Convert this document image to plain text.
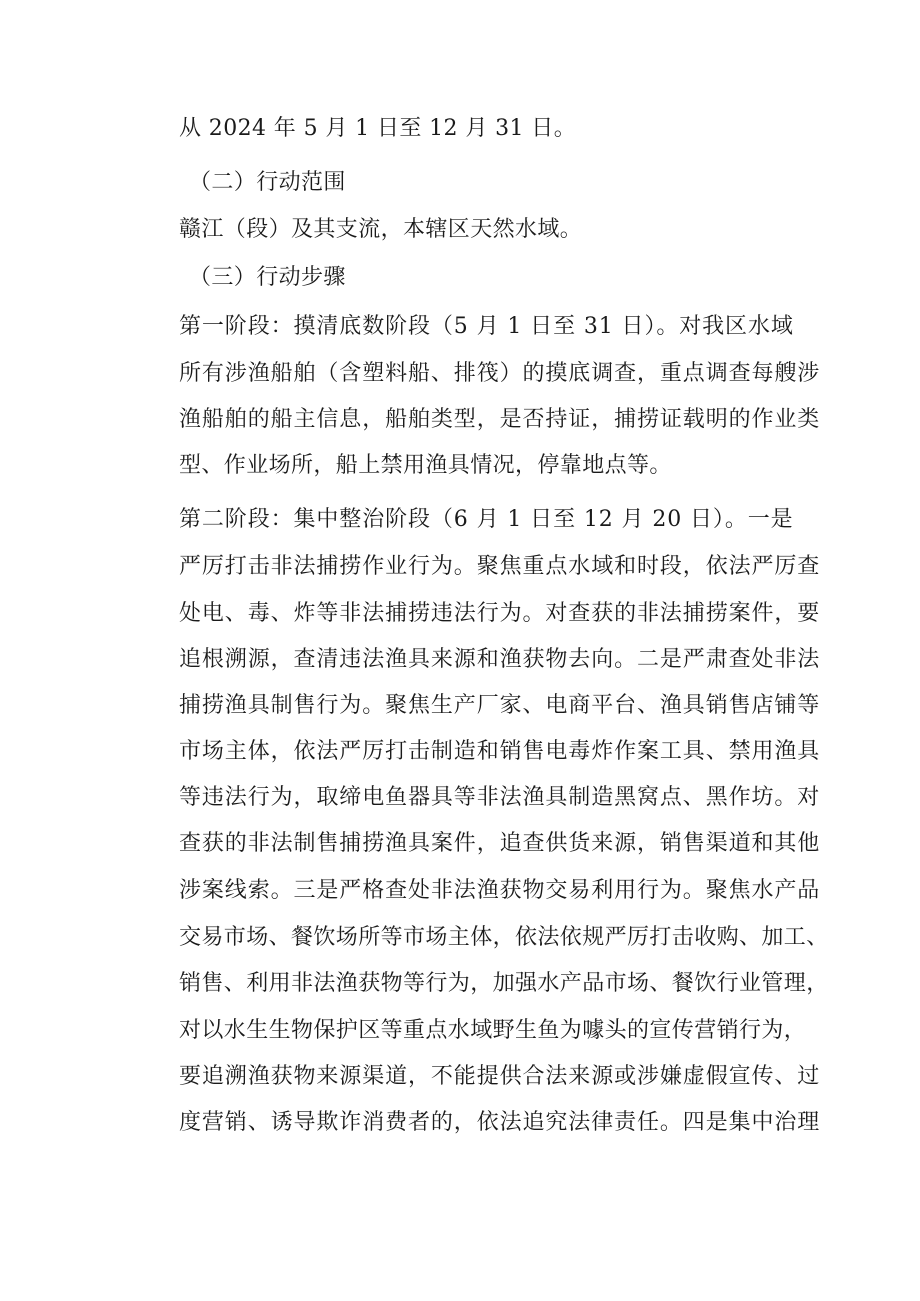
从 2024 年 5 月 1 日至 12 月 31 日。
（二）行动范围
赣江（段）及其支流，本辖区天然水域。
（三）行动步骤
第一阶段：摸清底数阶段（5 月 1 日至 31 日）。对我区水域
所有涉渔船舶（含塑料船、排筏）的摸底调查，重点调查每艘涉
渔船舶的船主信息，船舶类型，是否持证，捕捞证载明的作业类
型、作业场所，船上禁用渔具情况，停靠地点等。
第二阶段：集中整治阶段（6 月 1 日至 12 月 20 日）。一是
严厉打击非法捕捞作业行为。聚焦重点水域和时段，依法严厉查
处电、毒、炸等非法捕捞违法行为。对查获的非法捕捞案件，要
追根溯源，查清违法渔具来源和渔获物去向。二是严肃查处非法
捕捞渔具制售行为。聚焦生产厂家、电商平台、渔具销售店铺等
市场主体，依法严厉打击制造和销售电毒炸作案工具、禁用渔具
等违法行为，取缔电鱼器具等非法渔具制造黑窝点、黑作坊。对
查获的非法制售捕捞渔具案件，追查供货来源，销售渠道和其他
涉案线索。三是严格查处非法渔获物交易利用行为。聚焦水产品
交易市场、餐饮场所等市场主体，依法依规严厉打击收购、加工、
销售、利用非法渔获物等行为，加强水产品市场、餐饮行业管理，
对以水生生物保护区等重点水域野生鱼为噱头的宣传营销行为，
要追溯渔获物来源渠道，不能提供合法来源或涉嫌虚假宣传、过
度营销、诱导欺诈消费者的，依法追究法律责任。四是集中治理
